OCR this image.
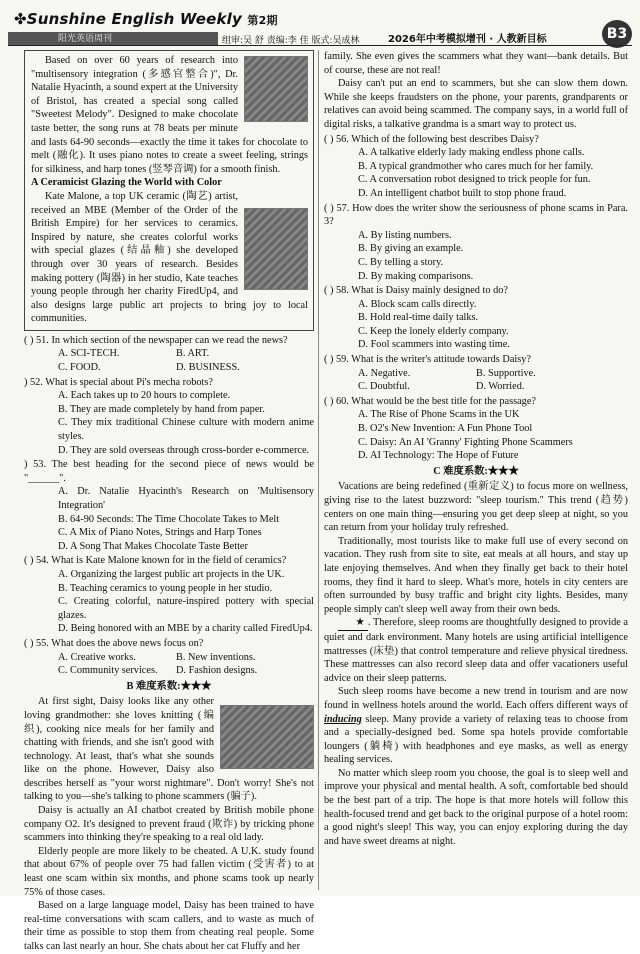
✤Sunshine English Weekly 第2期
阳光英语周刊	组审:吴 舒 责编:李 佳 版式:吴成林	2026年中考模拟增刊 · 人教新目标	B3

Based on over 60 years of research into "multisensory integration (多感官整合)", Dr. Natalie Hyacinth, a sound expert at the University of Bristol, has created a special song called "Sweetest Melody". Designed to make chocolate taste better, the song runs at 78 beats per minute and lasts 64-90 seconds—exactly the time it takes for chocolate to melt (融化). It uses piano notes to create a sweet feeling, strings for silkiness, and harp tones (竖琴音调) for a smooth finish.

A Ceramicist Glazing the World with Color

Kate Malone, a top UK ceramic (陶艺) artist, received an MBE (Member of the Order of the British Empire) for her services to ceramics. Inspired by nature, she creates colorful works with special glazes (结晶釉) she developed through over 30 years of research. Besides making pottery (陶器) in her studio, Kate teaches young people through her charity FiredUp4, and also designs large public art projects to bring joy to local communities.

( ) 51. In which section of the newspaper can we read the news?

A. SCI-TECH.	B. ART.
C. FOOD.	D. BUSINESS.

) 52. What is special about Pi's mecha robots?

A. Each takes up to 20 hours to complete.

B. They are made completely by hand from paper.

C. They mix traditional Chinese culture with modern anime styles.

D. They are sold overseas through cross-border e-commerce.

) 53. The best heading for the second piece of news would be "______".

A. Dr. Natalie Hyacinth's Research on 'Multisensory Integration'

B. 64-90 Seconds: The Time Chocolate Takes to Melt

C. A Mix of Piano Notes, Strings and Harp Tones

D. A Song That Makes Chocolate Taste Better

( ) 54. What is Kate Malone known for in the field of ceramics?

A. Organizing the largest public art projects in the UK.

B. Teaching ceramics to young people in her studio.

C. Creating colorful, nature-inspired pottery with special glazes.

D. Being honored with an MBE by a charity called FiredUp4.

( ) 55. What does the above news focus on?

A. Creative works.	B. New inventions.
C. Community services.	D. Fashion designs.
B 难度系数:★★★

At first sight, Daisy looks like any other loving grandmother: she loves knitting (编织), cooking nice meals for her family and chatting with friends, and she isn't good with technology. At least, that's what she sounds like on the phone. However, Daisy also describes herself as "your worst nightmare". Don't worry! She's not talking to you—she's talking to phone scammers (骗子).

Daisy is actually an AI chatbot created by British mobile phone company O2. It's designed to prevent fraud (欺诈) by tricking phone scammers into thinking they're speaking to a real old lady.

Elderly people are more likely to be cheated. A U.K. study found that about 67% of people over 75 had fallen victim (受害者) to at least one scam within six months, and phone scams took up nearly 75% of those cases.

Based on a large language model, Daisy has been trained to have real-time conversations with scam callers, and to waste as much of their time as possible to stop them from cheating real people. Some talks can last nearly an hour. She chats about her cat Fluffy and her

family. She even gives the scammers what they want—bank details. But of course, these are not real!

Daisy can't put an end to scammers, but she can slow them down. While she keeps fraudsters on the phone, your parents, grandparents or relatives can avoid being scammed. The company says, in a world full of digital risks, a talkative grandma is a smart way to protect us.

( ) 56. Which of the following best describes Daisy?

A. A talkative elderly lady making endless phone calls.

B. A typical grandmother who cares much for her family.

C. A conversation robot designed to trick people for fun.

D. An intelligent chatbot built to stop phone fraud.

( ) 57. How does the writer show the seriousness of phone scams in Para. 3?

A. By listing numbers.

B. By giving an example.

C. By telling a story.

D. By making comparisons.

( ) 58. What is Daisy mainly designed to do?

A. Block scam calls directly.

B. Hold real-time daily talks.

C. Keep the lonely elderly company.

D. Fool scammers into wasting time.

( ) 59. What is the writer's attitude towards Daisy?

A. Negative.	B. Supportive.
C. Doubtful.	D. Worried.

( ) 60. What would be the best title for the passage?

A. The Rise of Phone Scams in the UK

B. O2's New Invention: A Fun Phone Tool

C. Daisy: An AI 'Granny' Fighting Phone Scammers

D. AI Technology: The Hope of Future

C 难度系数:★★★

Vacations are being redefined (重新定义) to focus more on wellness, giving rise to the latest buzzword: "sleep tourism." This trend (趋势) centers on one main thing—ensuring you get deep sleep at night, so you can return from your holiday truly refreshed.

Traditionally, most tourists like to make full use of every second on vacation. They rush from site to site, eat meals at all hours, and stay up late enjoying themselves. And when they finally get back to their hotel rooms, they find it hard to sleep. What's more, hotels in city centers are often surrounded by busy traffic and bright city lights. Besides, many people simply can't sleep well away from their own beds.

★ . Therefore, sleep rooms are thoughtfully designed to provide a quiet and dark environment. Many hotels are using artificial intelligence mattresses (床垫) that control temperature and relieve physical tiredness. These mattresses can also record sleep data and offer vacationers useful advice on their sleep patterns.

Such sleep rooms have become a new trend in tourism and are now found in wellness hotels around the world. Each offers different ways of inducing sleep. Many provide a variety of relaxing teas to choose from and a specially-designed bed. Some spa hotels provide comfortable loungers (躺椅) with headphones and eye masks, as well as energy healing services.

No matter which sleep room you choose, the goal is to sleep well and improve your physical and mental health. A soft, comfortable bed should be the best part of a trip. The hope is that more hotels will follow this health-focused trend and get back to the original purpose of a hotel room: a good night's sleep! This way, you can enjoy exploring during the day and have sweet dreams at night.
